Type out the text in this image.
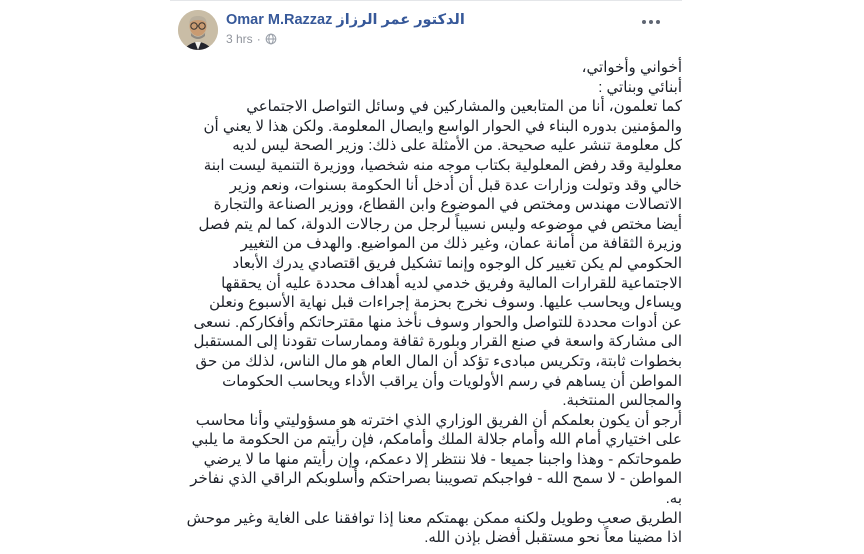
الدكتور عمر الرزاز Omar M.Razzaz
3 hrs ·

أخواني وأخواتي،

أبنائي وبناتي :

كما تعلمون، أنا من المتابعين والمشاركين في وسائل التواصل الاجتماعي والمؤمنين بدوره البناء في الحوار الواسع وايصال المعلومة. ولكن هذا لا يعني أن كل معلومة تنشر عليه صحيحة. من الأمثلة على ذلك: وزير الصحة ليس لديه معلولية وقد رفض المعلولية بكتاب موجه منه شخصيا، ووزيرة التنمية ليست ابنة خالي وقد وتولت وزارات عدة قبل أن أدخل أنا الحكومة بسنوات، ونعم وزير الاتصالات مهندس ومختص في الموضوع وابن القطاع، ووزير الصناعة والتجارة أيضا مختص في موضوعه وليس نسيباً لرجل من رجالات الدولة، كما لم يتم فصل وزيرة الثقافة من أمانة عمان، وغير ذلك من المواضيع. والهدف من التغيير الحكومي لم يكن تغيير كل الوجوه وإنما تشكيل فريق اقتصادي يدرك الأبعاد الاجتماعية للقرارات المالية وفريق خدمي لديه أهداف محددة عليه أن يحققها ويساءل ويحاسب عليها. وسوف نخرج بحزمة إجراءات قبل نهاية الأسبوع ونعلن عن أدوات محددة للتواصل والحوار وسوف نأخذ منها مقترحاتكم وأفكاركم. نسعى الى مشاركة واسعة في صنع القرار وبلورة ثقافة وممارسات تقودنا إلى المستقبل بخطوات ثابتة، وتكريس مبادىء تؤكد أن المال العام هو مال الناس، لذلك من حق المواطن أن يساهم في رسم الأولويات وأن يراقب الأداء ويحاسب الحكومات والمجالس المنتخبة.

أرجو أن يكون بعلمكم أن الفريق الوزاري الذي اخترته هو مسؤوليتي وأنا محاسب على اختياري أمام الله وأمام جلالة الملك وأمامكم، فإن رأيتم من الحكومة ما يلبي طموحاتكم - وهذا واجبنا جميعا - فلا ننتظر إلا دعمكم، وإن رأيتم منها ما لا يرضي المواطن - لا سمح الله - فواجبكم تصويبنا بصراحتكم وأسلوبكم الراقي الذي نفاخر به.

الطريق صعب وطويل ولكنه ممكن بهمتكم معنا إذا توافقنا على الغاية وغير موحش اذا مضينا معاً نحو مستقبل أفضل بإذن الله.
